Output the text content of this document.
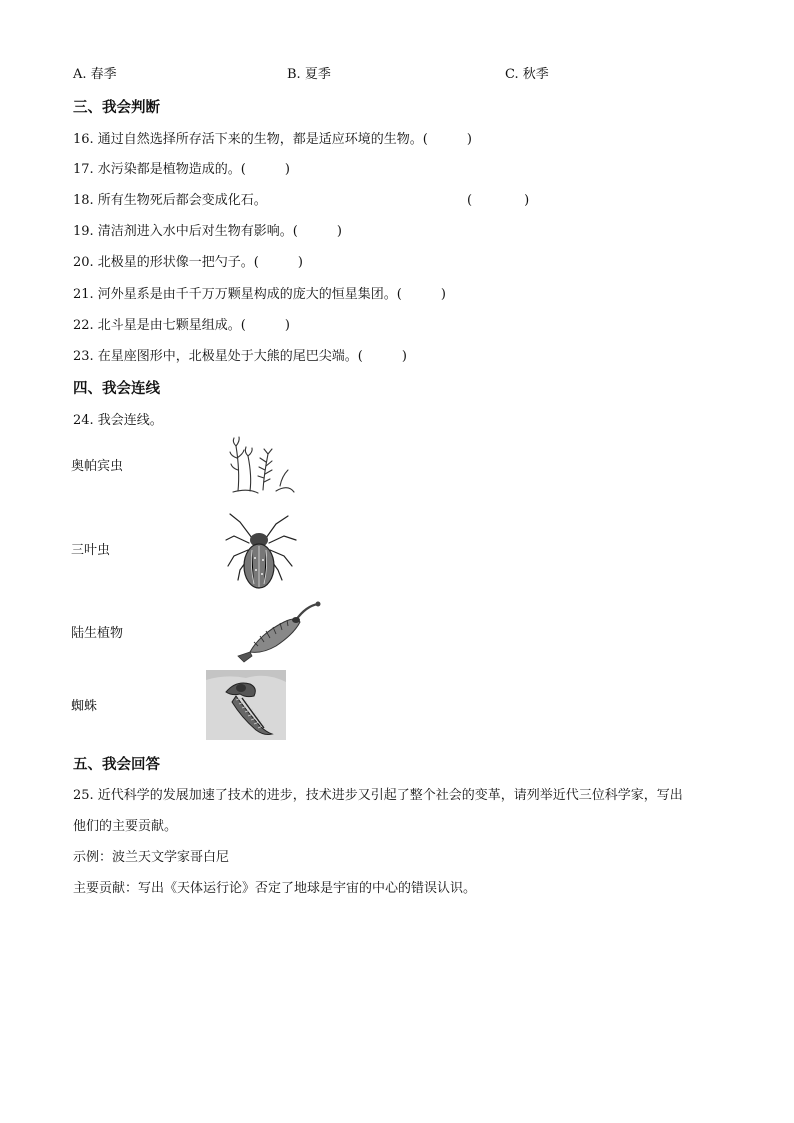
A. 春季	B. 夏季	C. 秋季
三、我会判断
16. 通过自然选择所存活下来的生物，都是适应环境的生物。(　　　)
17. 水污染都是植物造成的。(　　　)
18. 所有生物死后都会变成化石。	(　　　　)
19. 清洁剂进入水中后对生物有影响。(　　　)
20. 北极星的形状像一把勺子。(　　　)
21. 河外星系是由千千万万颗星构成的庞大的恒星集团。(　　　)
22. 北斗星是由七颗星组成。(　　　)
23. 在星座图形中，北极星处于大熊的尾巴尖端。(　　　)
四、我会连线
24. 我会连线。
奥帕宾虫
三叶虫
陆生植物
蜘蛛
五、我会回答
25. 近代科学的发展加速了技术的进步，技术进步又引起了整个社会的变革，请列举近代三位科学家，写出
他们的主要贡献。
示例：波兰天文学家哥白尼
主要贡献：写出《天体运行论》否定了地球是宇宙的中心的错误认识。
